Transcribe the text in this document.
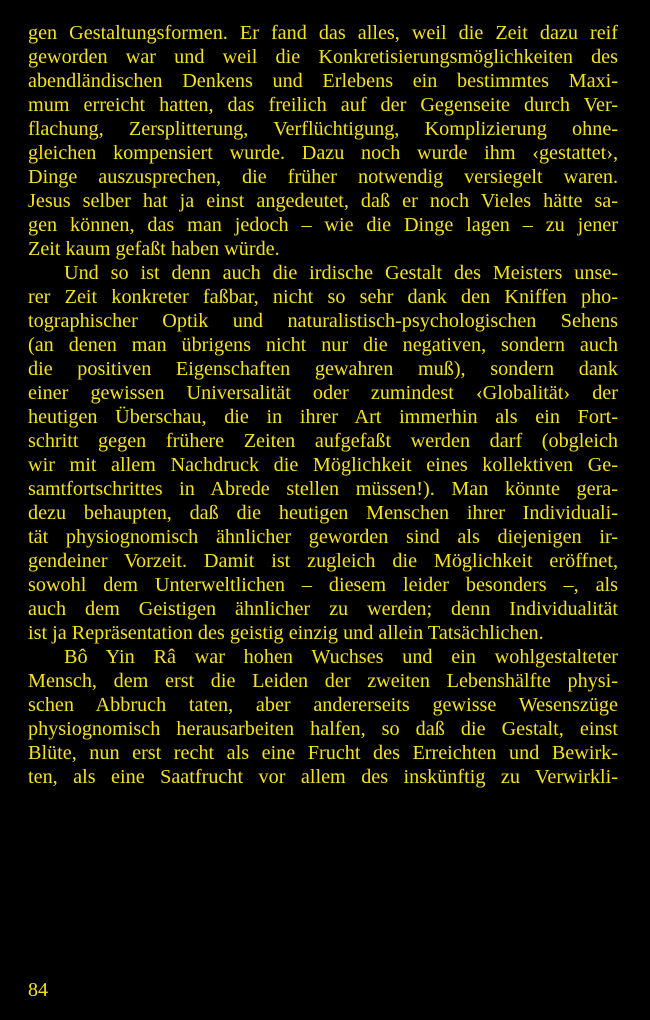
gen Gestaltungsformen. Er fand das alles, weil die Zeit dazu reif
geworden war und weil die Konkretisierungsmöglichkeiten des
abendländischen Denkens und Erlebens ein bestimmtes Maxi-
mum erreicht hatten, das freilich auf der Gegenseite durch Ver-
flachung, Zersplitterung, Verflüchtigung, Komplizierung ohne-
gleichen kompensiert wurde. Dazu noch wurde ihm ‹gestattet›,
Dinge auszusprechen, die früher notwendig versiegelt waren.
Jesus selber hat ja einst angedeutet, daß er noch Vieles hätte sa-
gen können, das man jedoch – wie die Dinge lagen – zu jener
Zeit kaum gefaßt haben würde.
Und so ist denn auch die irdische Gestalt des Meisters unse-
rer Zeit konkreter faßbar, nicht so sehr dank den Kniffen pho-
tographischer Optik und naturalistisch-psychologischen Sehens
(an denen man übrigens nicht nur die negativen, sondern auch
die positiven Eigenschaften gewahren muß), sondern dank
einer gewissen Universalität oder zumindest ‹Globalität› der
heutigen Überschau, die in ihrer Art immerhin als ein Fort-
schritt gegen frühere Zeiten aufgefaßt werden darf (obgleich
wir mit allem Nachdruck die Möglichkeit eines kollektiven Ge-
samtfortschrittes in Abrede stellen müssen!). Man könnte gera-
dezu behaupten, daß die heutigen Menschen ihrer Individuali-
tät physiognomisch ähnlicher geworden sind als diejenigen ir-
gendeiner Vorzeit. Damit ist zugleich die Möglichkeit eröffnet,
sowohl dem Unterweltlichen – diesem leider besonders –, als
auch dem Geistigen ähnlicher zu werden; denn Individualität
ist ja Repräsentation des geistig einzig und allein Tatsächlichen.
Bô Yin Râ war hohen Wuchses und ein wohlgestalteter
Mensch, dem erst die Leiden der zweiten Lebenshälfte physi-
schen Abbruch taten, aber andererseits gewisse Wesenszüge
physiognomisch herausarbeiten halfen, so daß die Gestalt, einst
Blüte, nun erst recht als eine Frucht des Erreichten und Bewirk-
ten, als eine Saatfrucht vor allem des inskünftig zu Verwirkli-
84
